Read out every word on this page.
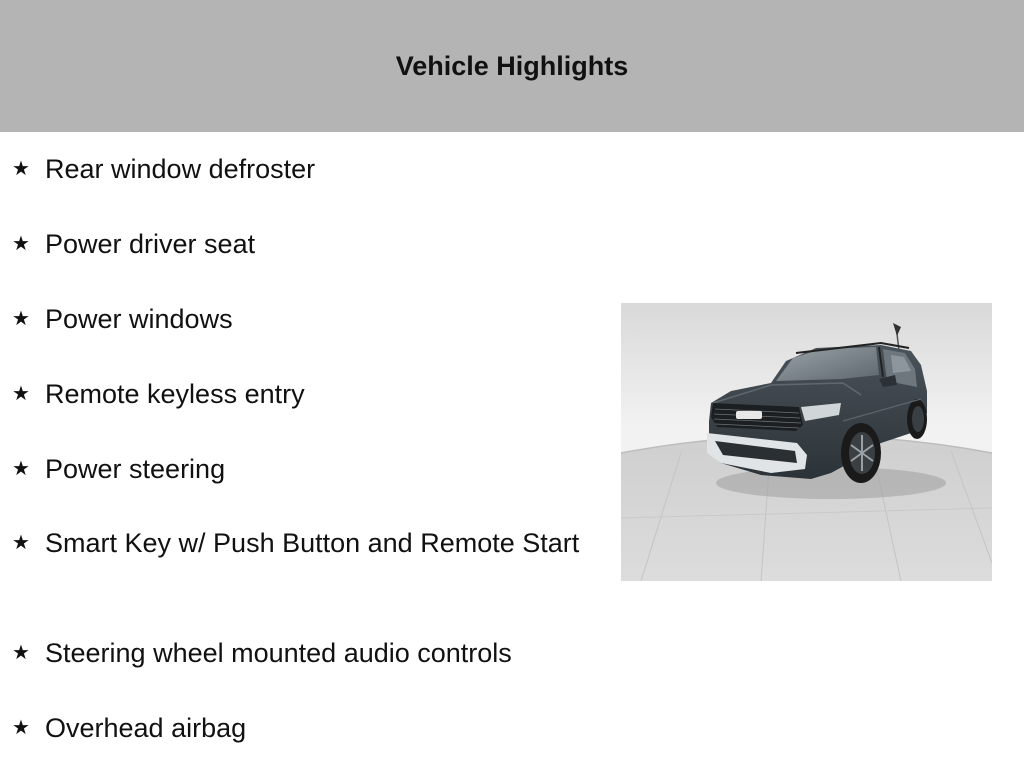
Vehicle Highlights
★ Rear window defroster
★ Power driver seat
★ Power windows
★ Remote keyless entry
★ Power steering
★ Smart Key w/ Push Button and Remote Start
★ Steering wheel mounted audio controls
★ Overhead airbag
